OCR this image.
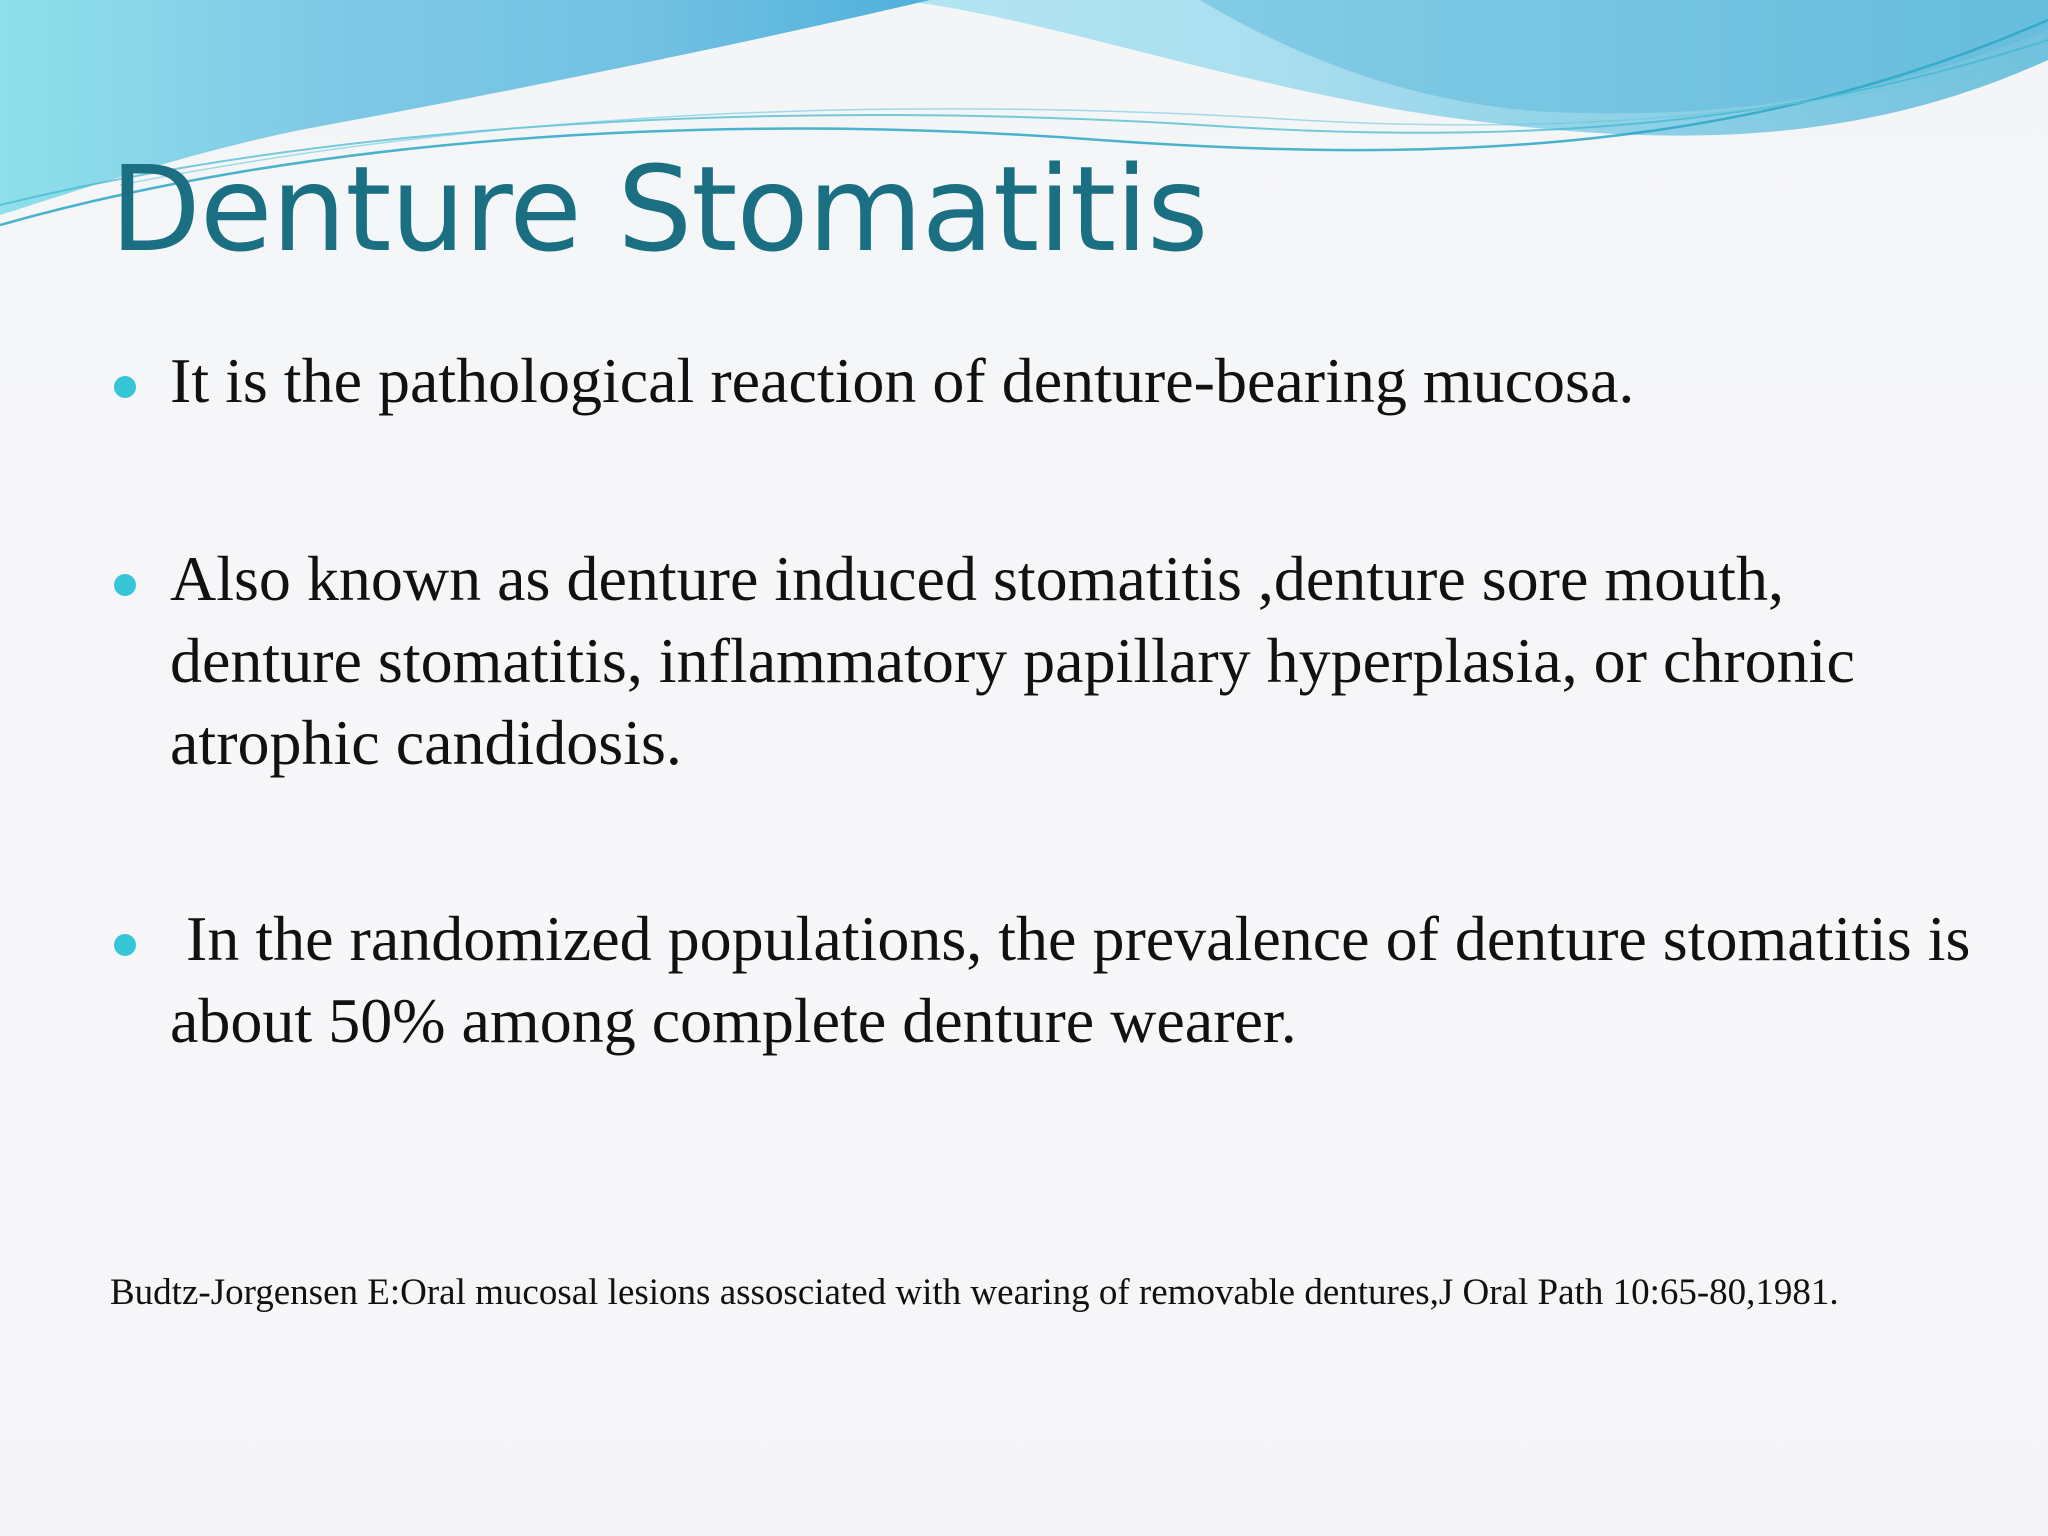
Denture Stomatitis

It is the pathological reaction of denture-bearing mucosa.

Also known as denture induced stomatitis ,denture sore mouth, denture stomatitis, inflammatory papillary hyperplasia, or chronic atrophic candidosis.

In the randomized populations, the prevalence of denture stomatitis is about 50% among complete denture wearer.

Budtz-Jorgensen E:Oral mucosal lesions assosciated with wearing of removable dentures,J Oral Path 10:65-80,1981.
